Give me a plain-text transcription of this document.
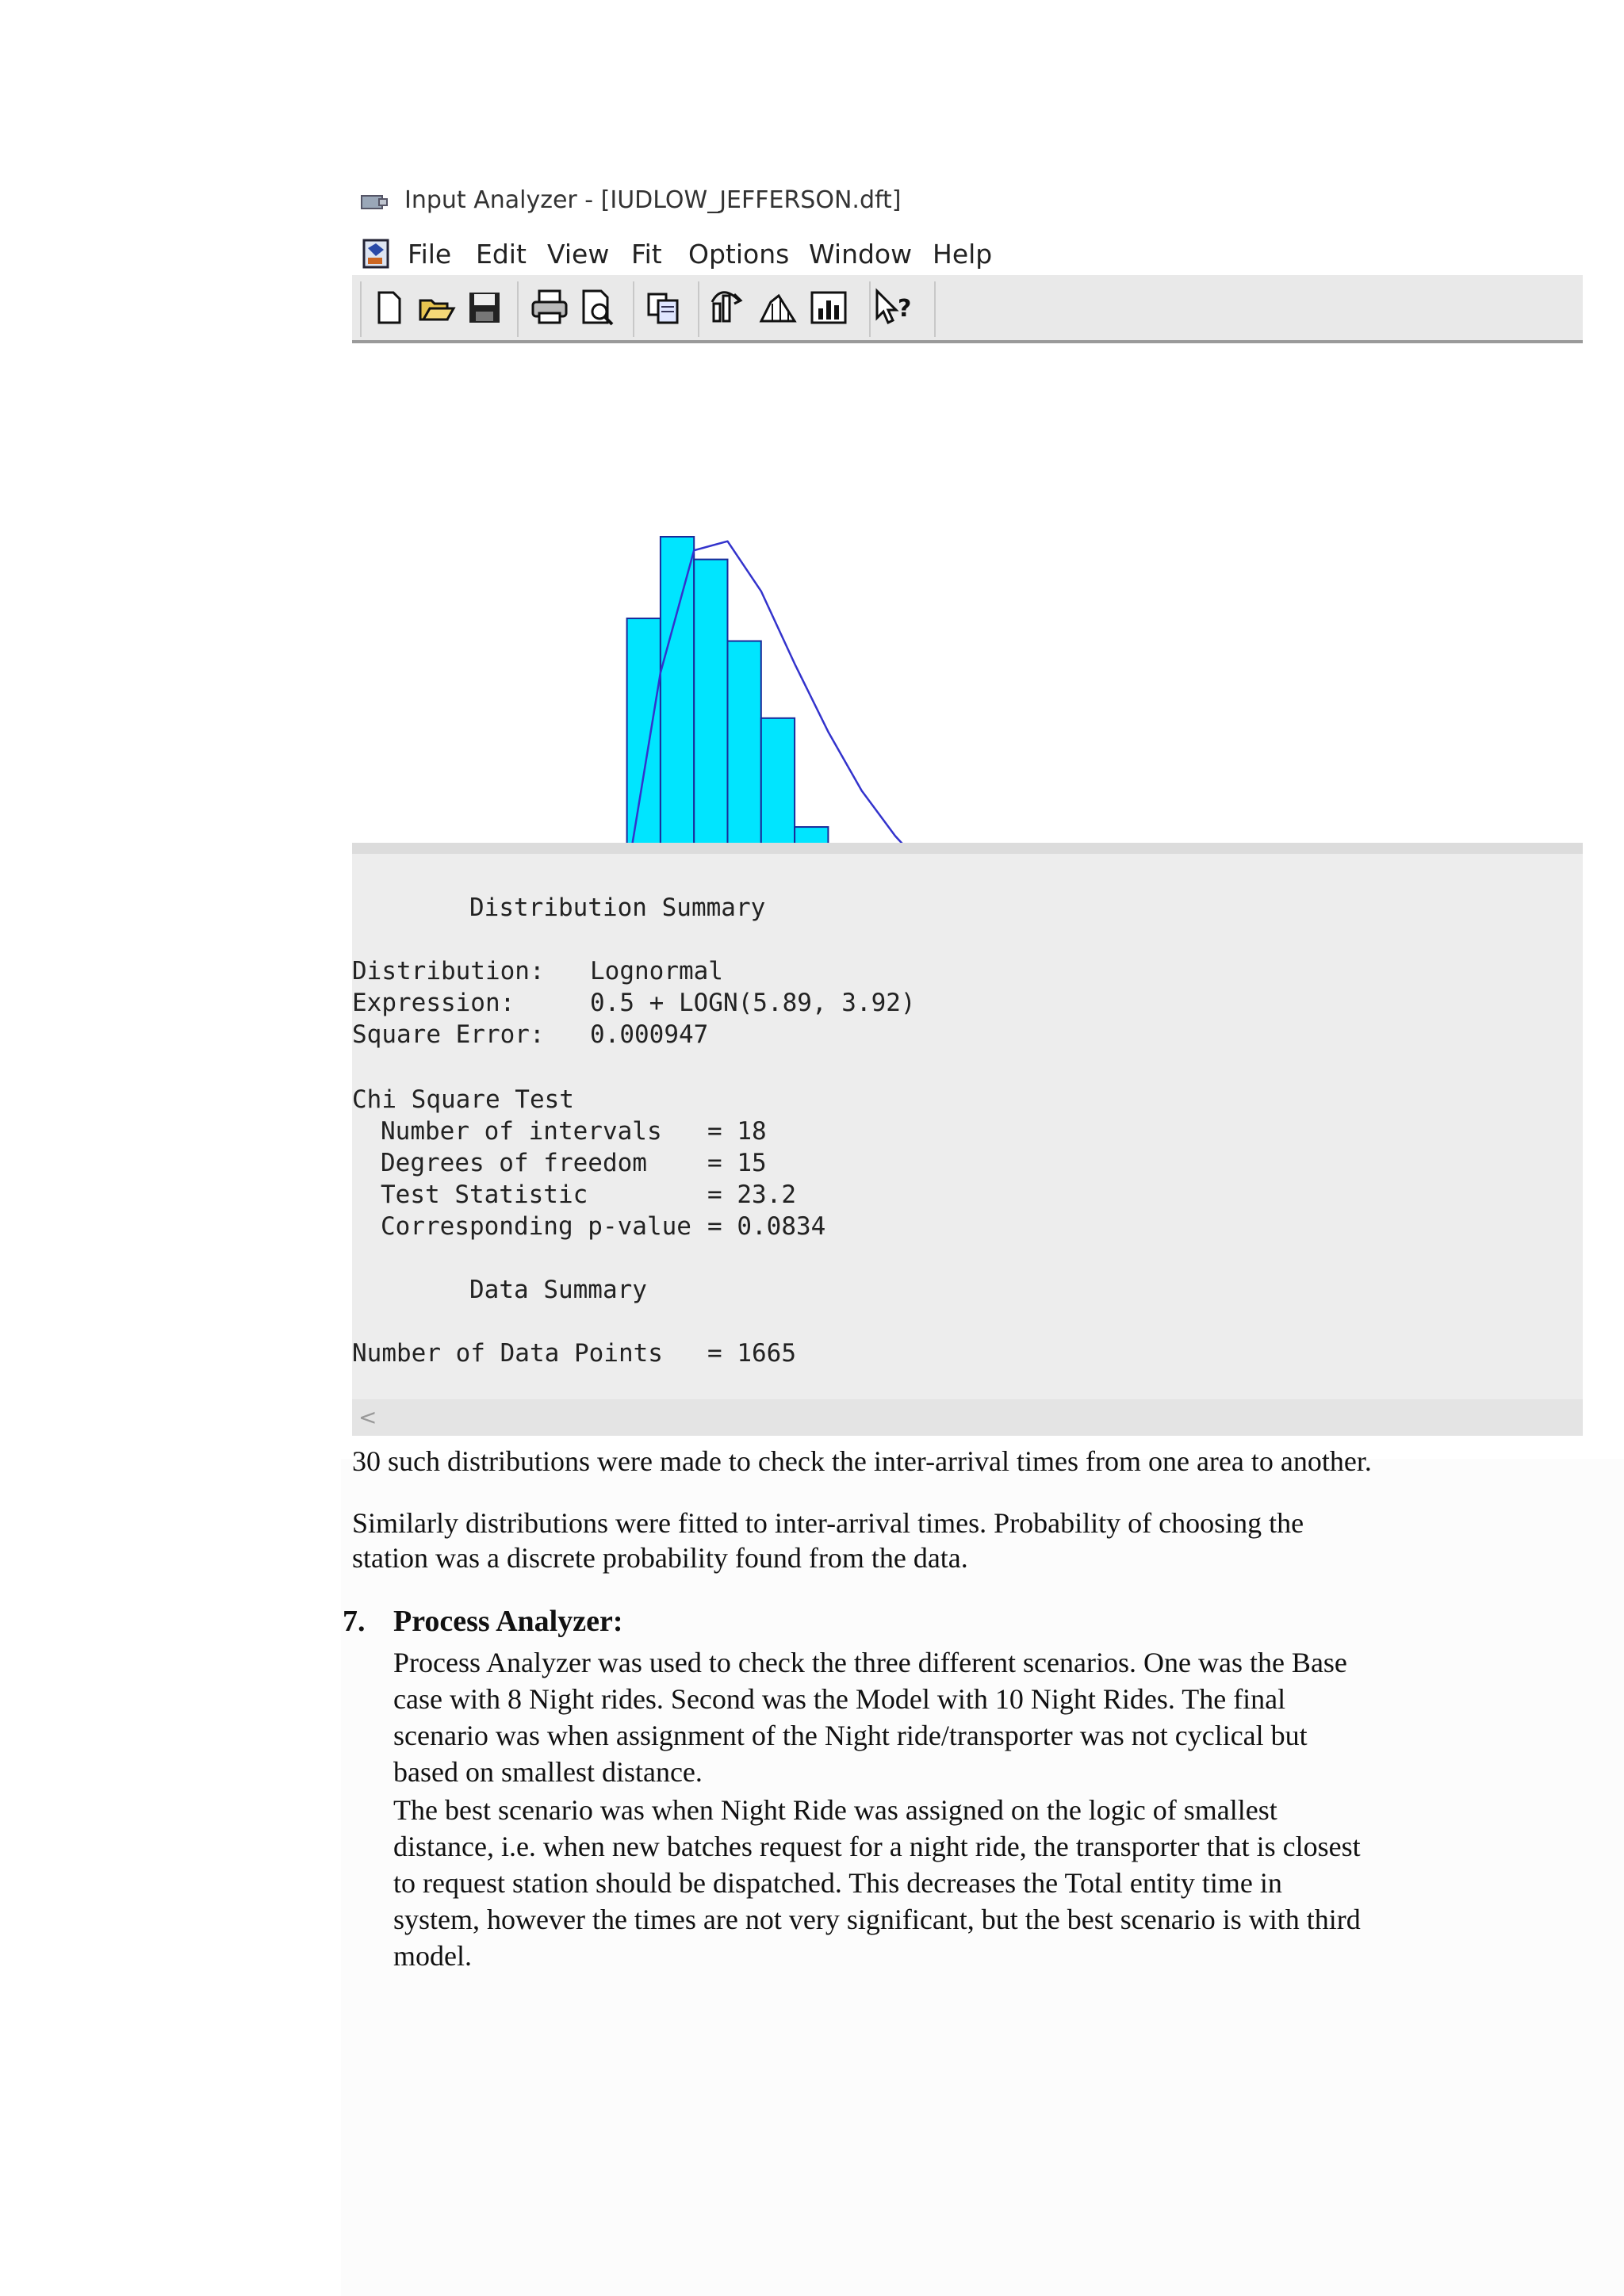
Input Analyzer - [IUDLOW_JEFFERSON.dft]
File Edit View Fit Options Window Help
?
Distribution Summary
Distribution: Lognormal
Expression:	0.5 + LOGN(5.89, 3.92)
Square Error: 0.000947
Chi Square Test
Number of intervals = 18
Degrees of freedom = 15
Test Statistic	= 23.2
Corresponding p-value = 0.0834
Data Summary
Number of Data Points = 1665
<
30 such distributions were made to check the inter-arrival times from one area to another.
Similarly distributions were fitted to inter-arrival times. Probability of choosing the
station was a discrete probability found from the data.
7. Process Analyzer:
Process Analyzer was used to check the three different scenarios. One was the Base
case with 8 Night rides. Second was the Model with 10 Night Rides. The final
scenario was when assignment of the Night ride/transporter was not cyclical but
based on smallest distance.
The best scenario was when Night Ride was assigned on the logic of smallest
distance, i.e. when new batches request for a night ride, the transporter that is closest
to request station should be dispatched. This decreases the Total entity time in
system, however the times are not very significant, but the best scenario is with third
model.
